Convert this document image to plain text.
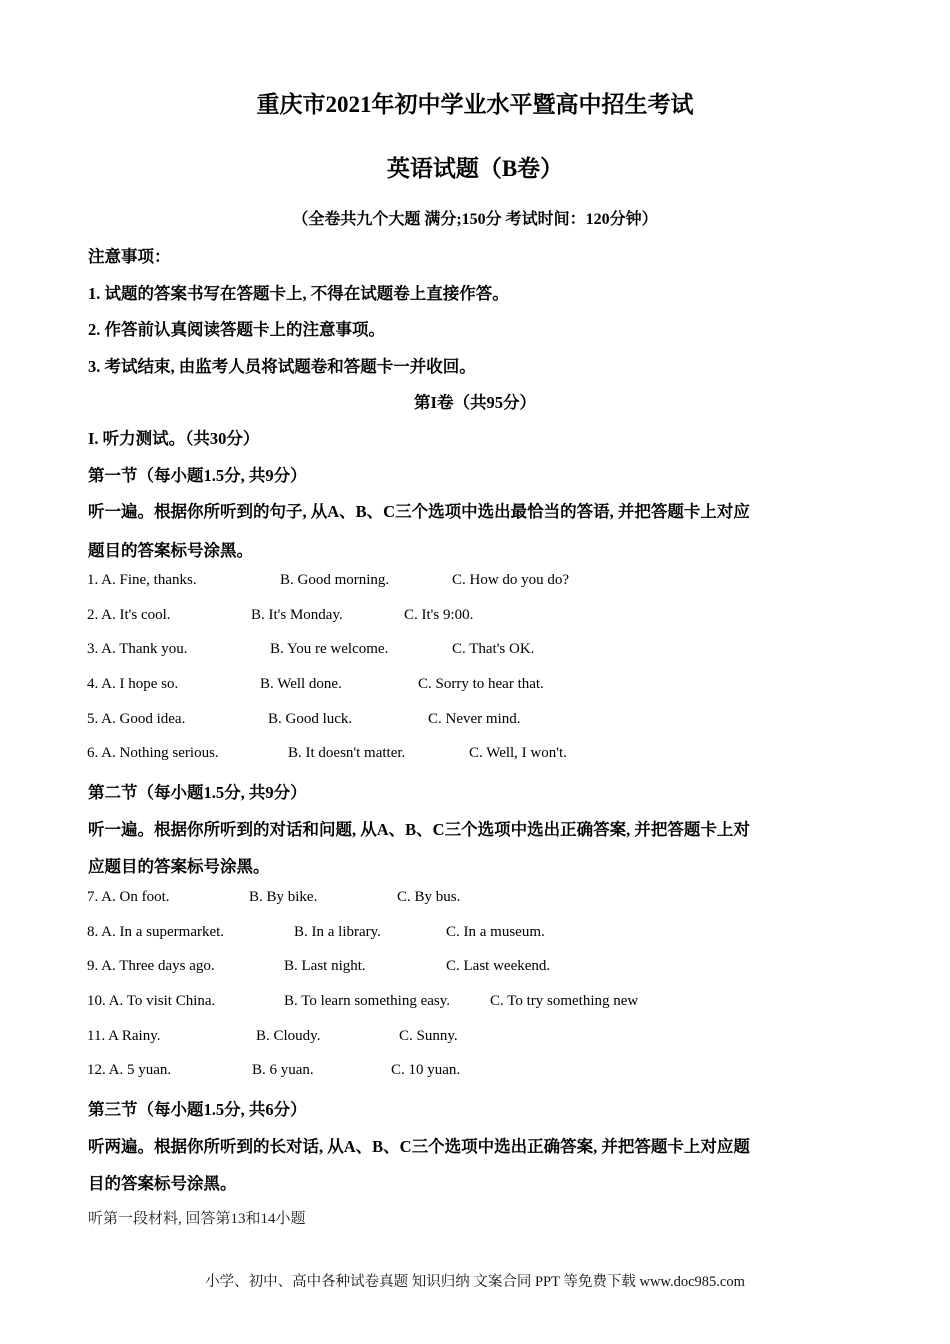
重庆市2021年初中学业水平暨高中招生考试
英语试题（B卷）
（全卷共九个大题 满分;150分 考试时间：120分钟）
注意事项：
1. 试题的答案书写在答题卡上, 不得在试题卷上直接作答。
2. 作答前认真阅读答题卡上的注意事项。
3. 考试结束, 由监考人员将试题卷和答题卡一并收回。
第I卷（共95分）
I. 听力测试。（共30分）
第一节（每小题1.5分, 共9分）
听一遍。根据你所听到的句子, 从A、B、C三个选项中选出最恰当的答语, 并把答题卡上对应
题目的答案标号涂黑。
1. A. Fine, thanks.	B. Good morning.	C. How do you do?
2. A. It's cool.	B. It's Monday.	C. It's 9:00.
3. A. Thank you.	B. You re welcome.	C. That's OK.
4. A. I hope so.	B. Well done.	C. Sorry to hear that.
5. A. Good idea.	B. Good luck.	C. Never mind.
6. A. Nothing serious.	B. It doesn't matter.	C. Well, I won't.
第二节（每小题1.5分, 共9分）
听一遍。根据你所听到的对话和问题, 从A、B、C三个选项中选出正确答案, 并把答题卡上对
应题目的答案标号涂黑。
7. A. On foot.	B. By bike.	C. By bus.
8. A. In a supermarket.	B. In a library.	C. In a museum.
9. A. Three days ago.	B. Last night.	C. Last weekend.
10. A. To visit China.	B. To learn something easy.	C. To try something new
11. A Rainy.	B. Cloudy.	C. Sunny.
12. A. 5 yuan.	B. 6 yuan.	C. 10 yuan.
第三节（每小题1.5分, 共6分）
听两遍。根据你所听到的长对话, 从A、B、C三个选项中选出正确答案, 并把答题卡上对应题
目的答案标号涂黑。
听第一段材料, 回答第13和14小题
小学、初中、高中各种试卷真题 知识归纳 文案合同 PPT 等免费下载 www.doc985.com
